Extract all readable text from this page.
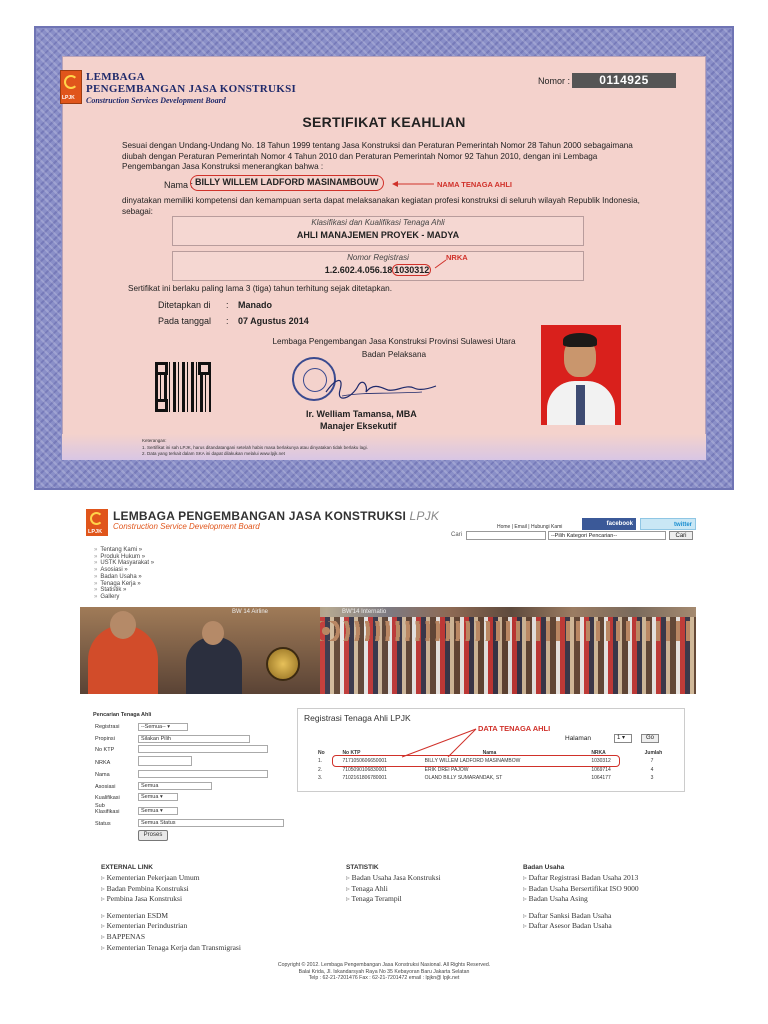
LPJK
LEMBAGA
PENGEMBANGAN JASA KONSTRUKSI
Construction Services Development Board
Nomor :	0114925
SERTIFIKAT KEAHLIAN
Sesuai dengan Undang-Undang No. 18 Tahun 1999 tentang Jasa Konstruksi dan Peraturan Pemerintah Nomor 28 Tahun 2000 sebagaimana diubah dengan Peraturan Pemerintah Nomor 4 Tahun 2010 dan Peraturan Pemerintah Nomor 92 Tahun 2010, dengan ini Lembaga Pengembangan Jasa Konstruksi menerangkan bahwa :
Nama : BILLY WILLEM LADFORD MASINAMBOUW	NAMA TENAGA AHLI
dinyatakan memiliki kompetensi dan kemampuan serta dapat melaksanakan kegiatan profesi konstruksi di seluruh wilayah Republik Indonesia, sebagai:
Klasifikasi dan Kualifikasi Tenaga Ahli
AHLI MANAJEMEN PROYEK - MADYA
Nomor Registrasi
1.2.602.4.056.18 1030312
NRKA
Sertifikat ini berlaku paling lama 3 (tiga) tahun terhitung sejak ditetapkan.
Ditetapkan di : Manado
Pada tanggal : 07 Agustus 2014
Lembaga Pengembangan Jasa Konstruksi Provinsi Sulawesi Utara
Badan Pelaksana
Ir. Welliam Tamansa, MBA
Manajer Eksekutif
Keterangan:
1. Sertifikat ini sah LPJK, harus ditandatangani setelah habis masa berlakunya atau dinyatakan tidak berlaku lagi.
2. Data yang terkait dalam SKA ini dapat dilakukan melalui www.lpjk.net
LPJK
LEMBAGA PENGEMBANGAN JASA KONSTRUKSI LPJK
Construction Service Development Board	Home | Email | Hubungi Kami	facebook	twitter
Cari	--Pilih Kategori Pencarian--	Cari
» Tentang Kami »
» Produk Hukum »
» USTK Masyarakat »
» Asosiasi »
» Badan Usaha »
» Tenaga Kerja »
» Statistik »
» Gallery
BW 14 Airline	BW'14 Internatio
Pencarian Tenaga Ahli
Registrasi	--Semua-- ▾
Propinsi	Silakan Pilih
No KTP
NRKA
Nama
Asosiasi	Semua
Kualifikasi	Semua ▾
Sub Klasifikasi	Semua ▾
Status	Semua Status
Proses
Registrasi Tenaga Ahli LPJK
Halaman	1 ▾	Go
No	No KTP	Nama	NRKA	Jumlah
1.	7171050606650001	BILLY WILLEM LADFORD MASINAMBOW	1030312	7
2.	7105090106830001	ERIK DREI PAJOW	1069714	4
3.	7102161806780001	OLAND BILLY SUMARANDAK, ST	1064177	3
DATA TENAGA AHLI
EXTERNAL LINK
▹ Kementerian Pekerjaan Umum
▹ Badan Pembina Konstruksi
▹ Pembina Jasa Konstruksi
▹ Kementerian ESDM
▹ Kementerian Perindustrian
▹ BAPPENAS
▹ Kementerian Tenaga Kerja dan Transmigrasi
STATISTIK
▹ Badan Usaha Jasa Konstruksi
▹ Tenaga Ahli
▹ Tenaga Terampil
Badan Usaha
▹ Daftar Registrasi Badan Usaha 2013
▹ Badan Usaha Bersertifikat ISO 9000
▹ Badan Usaha Asing
▹ Daftar Sanksi Badan Usaha
▹ Daftar Asesor Badan Usaha
Copyright © 2012. Lembaga Pengembangan Jasa Konstruksi Nasional. All Rights Reserved.
Balai Krida, Jl. Iskandarsyah Raya No 35 Kebayoran Baru Jakarta Selatan
Telp : 62-21-7201476 Fax : 62-21-7201472 email : lpjkn@ lpjk.net
